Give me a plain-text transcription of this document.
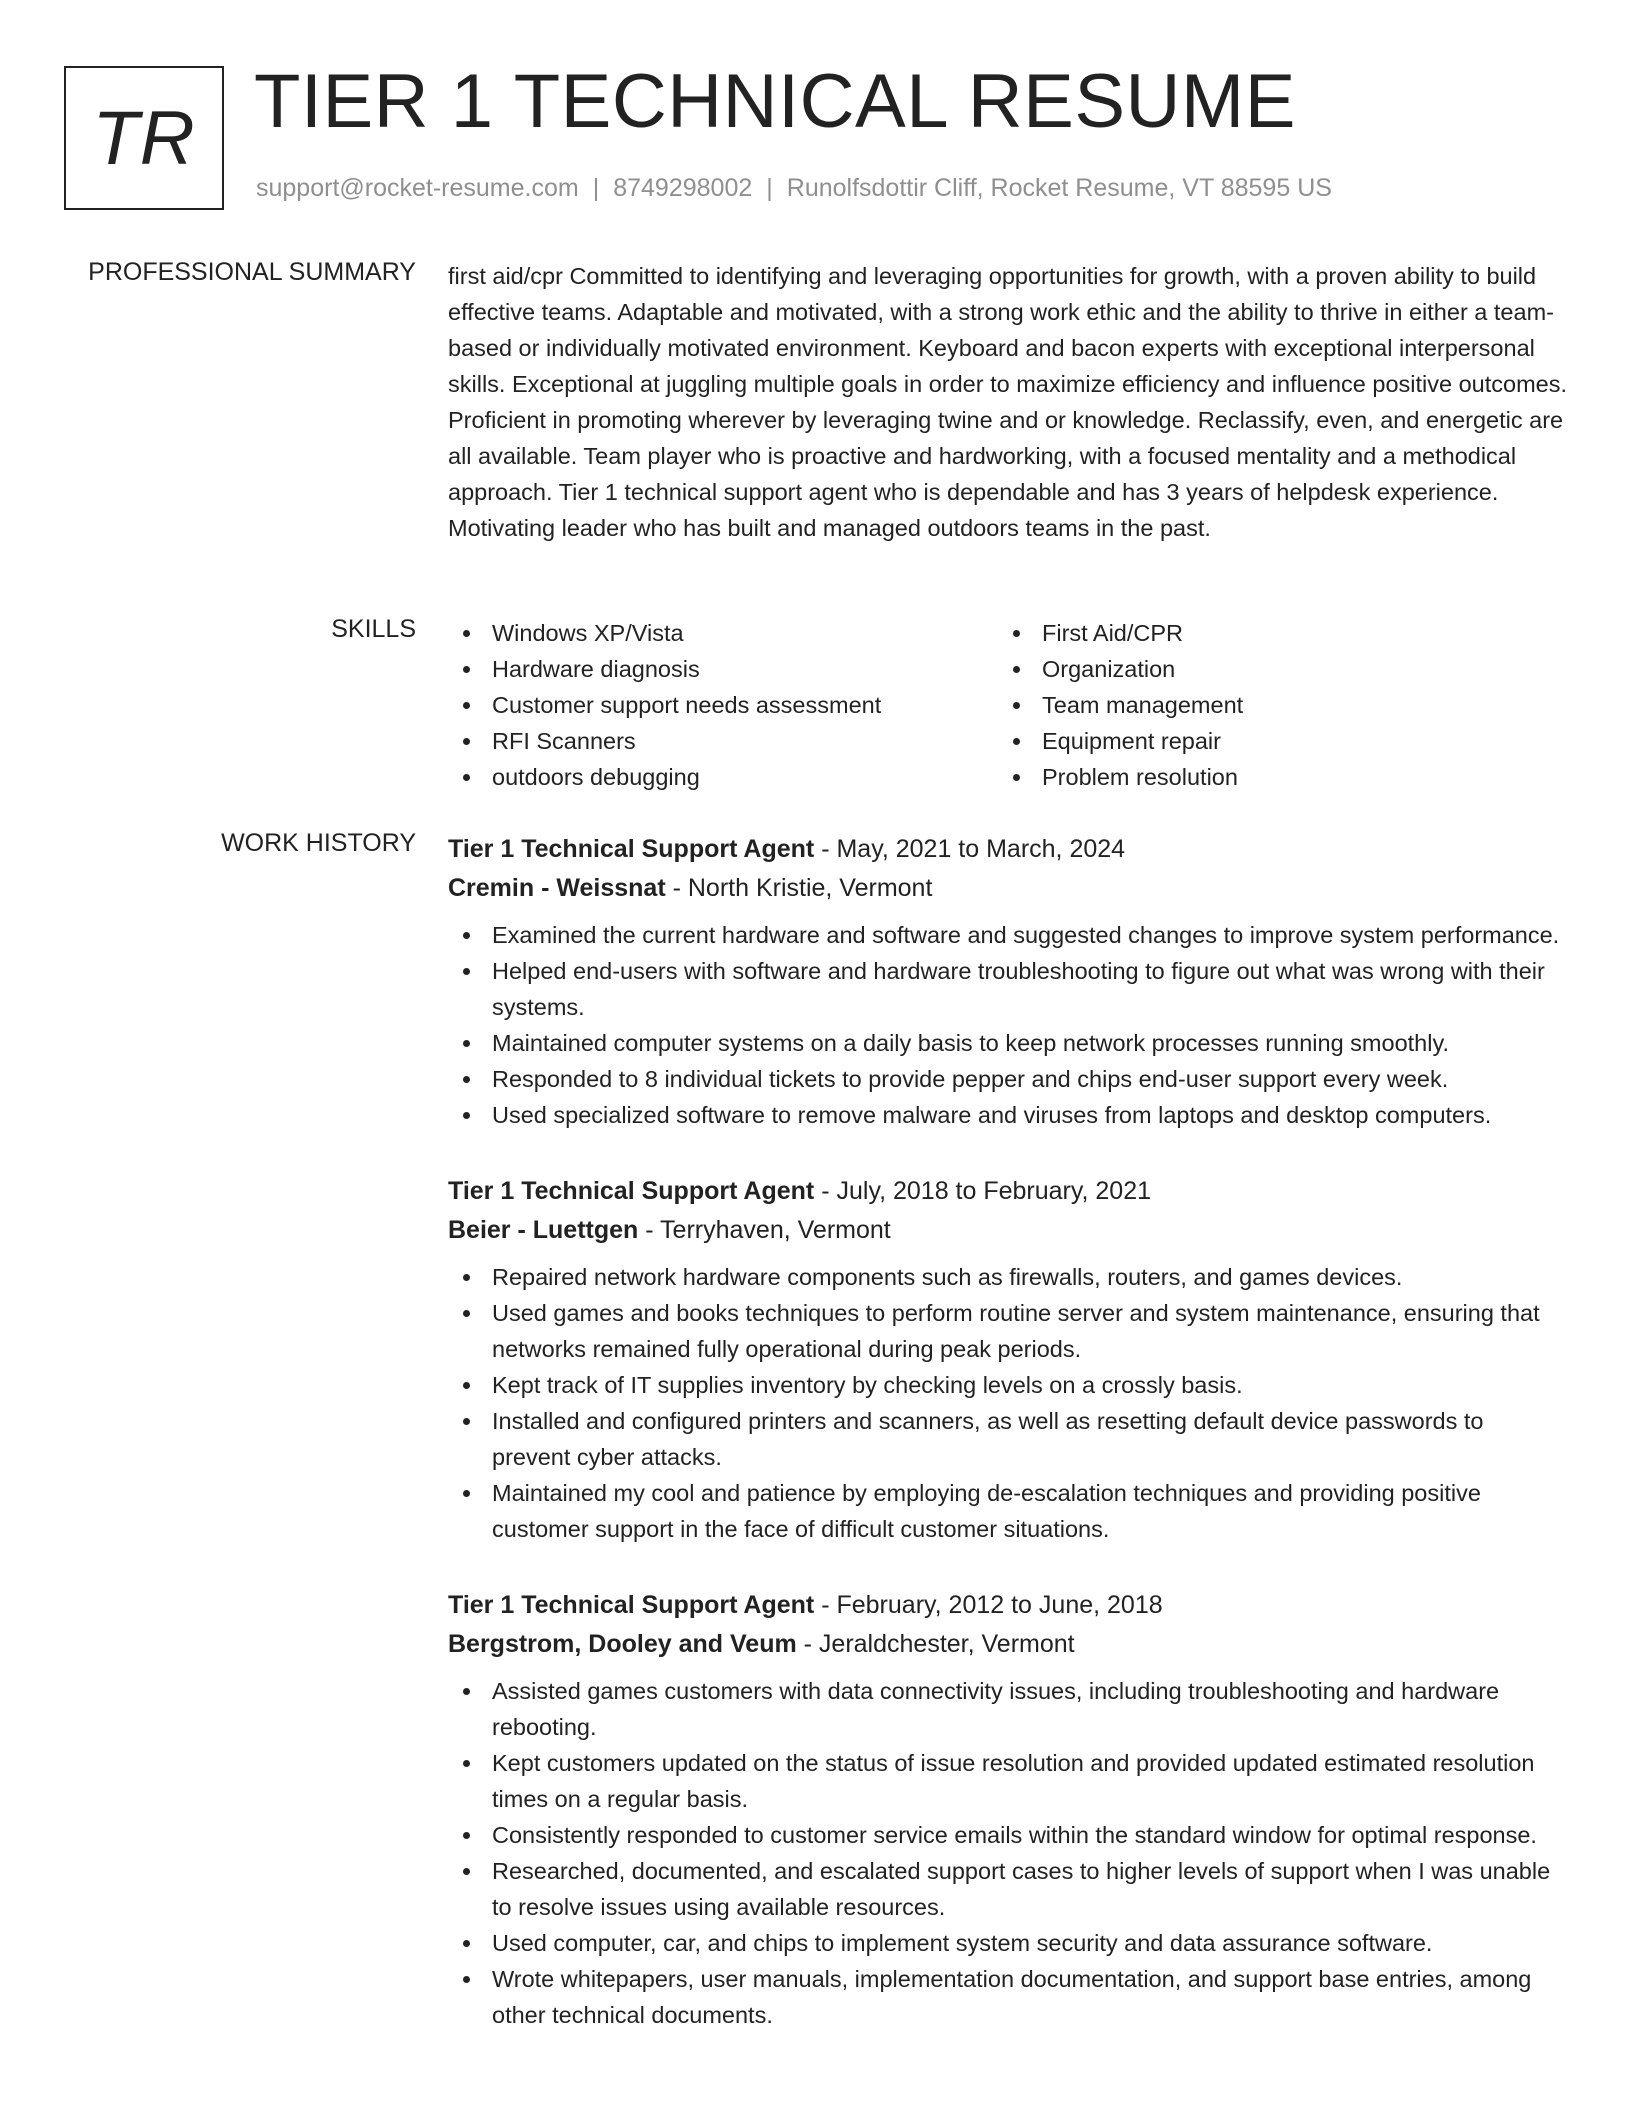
TR TIER 1 TECHNICAL RESUME
support@rocket-resume.com | 8749298002 | Runolfsdottir Cliff, Rocket Resume, VT 88595 US
PROFESSIONAL SUMMARY first aid/cpr Committed to identifying and leveraging opportunities for growth, with a proven ability to build effective teams. Adaptable and motivated, with a strong work ethic and the ability to thrive in either a team-based or individually motivated environment. Keyboard and bacon experts with exceptional interpersonal skills. Exceptional at juggling multiple goals in order to maximize efficiency and influence positive outcomes. Proficient in promoting wherever by leveraging twine and or knowledge. Reclassify, even, and energetic are all available. Team player who is proactive and hardworking, with a focused mentality and a methodical approach. Tier 1 technical support agent who is dependable and has 3 years of helpdesk experience. Motivating leader who has built and managed outdoors teams in the past.

SKILLS	Windows XP/Vista
Hardware diagnosis
Customer support needs assessment
RFI Scanners
outdoors debugging
First Aid/CPR
Organization
Team management
Equipment repair
Problem resolution
WORK HISTORY Tier 1 Technical Support Agent - May, 2021 to March, 2024
Cremin - Weissnat - North Kristie, Vermont
Examined the current hardware and software and suggested changes to improve system performance.
Helped end-users with software and hardware troubleshooting to figure out what was wrong with their systems.
Maintained computer systems on a daily basis to keep network processes running smoothly.
Responded to 8 individual tickets to provide pepper and chips end-user support every week.
Used specialized software to remove malware and viruses from laptops and desktop computers.
Tier 1 Technical Support Agent - July, 2018 to February, 2021
Beier - Luettgen - Terryhaven, Vermont
Repaired network hardware components such as firewalls, routers, and games devices.
Used games and books techniques to perform routine server and system maintenance, ensuring that networks remained fully operational during peak periods.
Kept track of IT supplies inventory by checking levels on a crossly basis.
Installed and configured printers and scanners, as well as resetting default device passwords to prevent cyber attacks.
Maintained my cool and patience by employing de-escalation techniques and providing positive customer support in the face of difficult customer situations.
Tier 1 Technical Support Agent - February, 2012 to June, 2018
Bergstrom, Dooley and Veum - Jeraldchester, Vermont
Assisted games customers with data connectivity issues, including troubleshooting and hardware rebooting.
Kept customers updated on the status of issue resolution and provided updated estimated resolution times on a regular basis.
Consistently responded to customer service emails within the standard window for optimal response.
Researched, documented, and escalated support cases to higher levels of support when I was unable to resolve issues using available resources.
Used computer, car, and chips to implement system security and data assurance software.
Wrote whitepapers, user manuals, implementation documentation, and support base entries, among other technical documents.
